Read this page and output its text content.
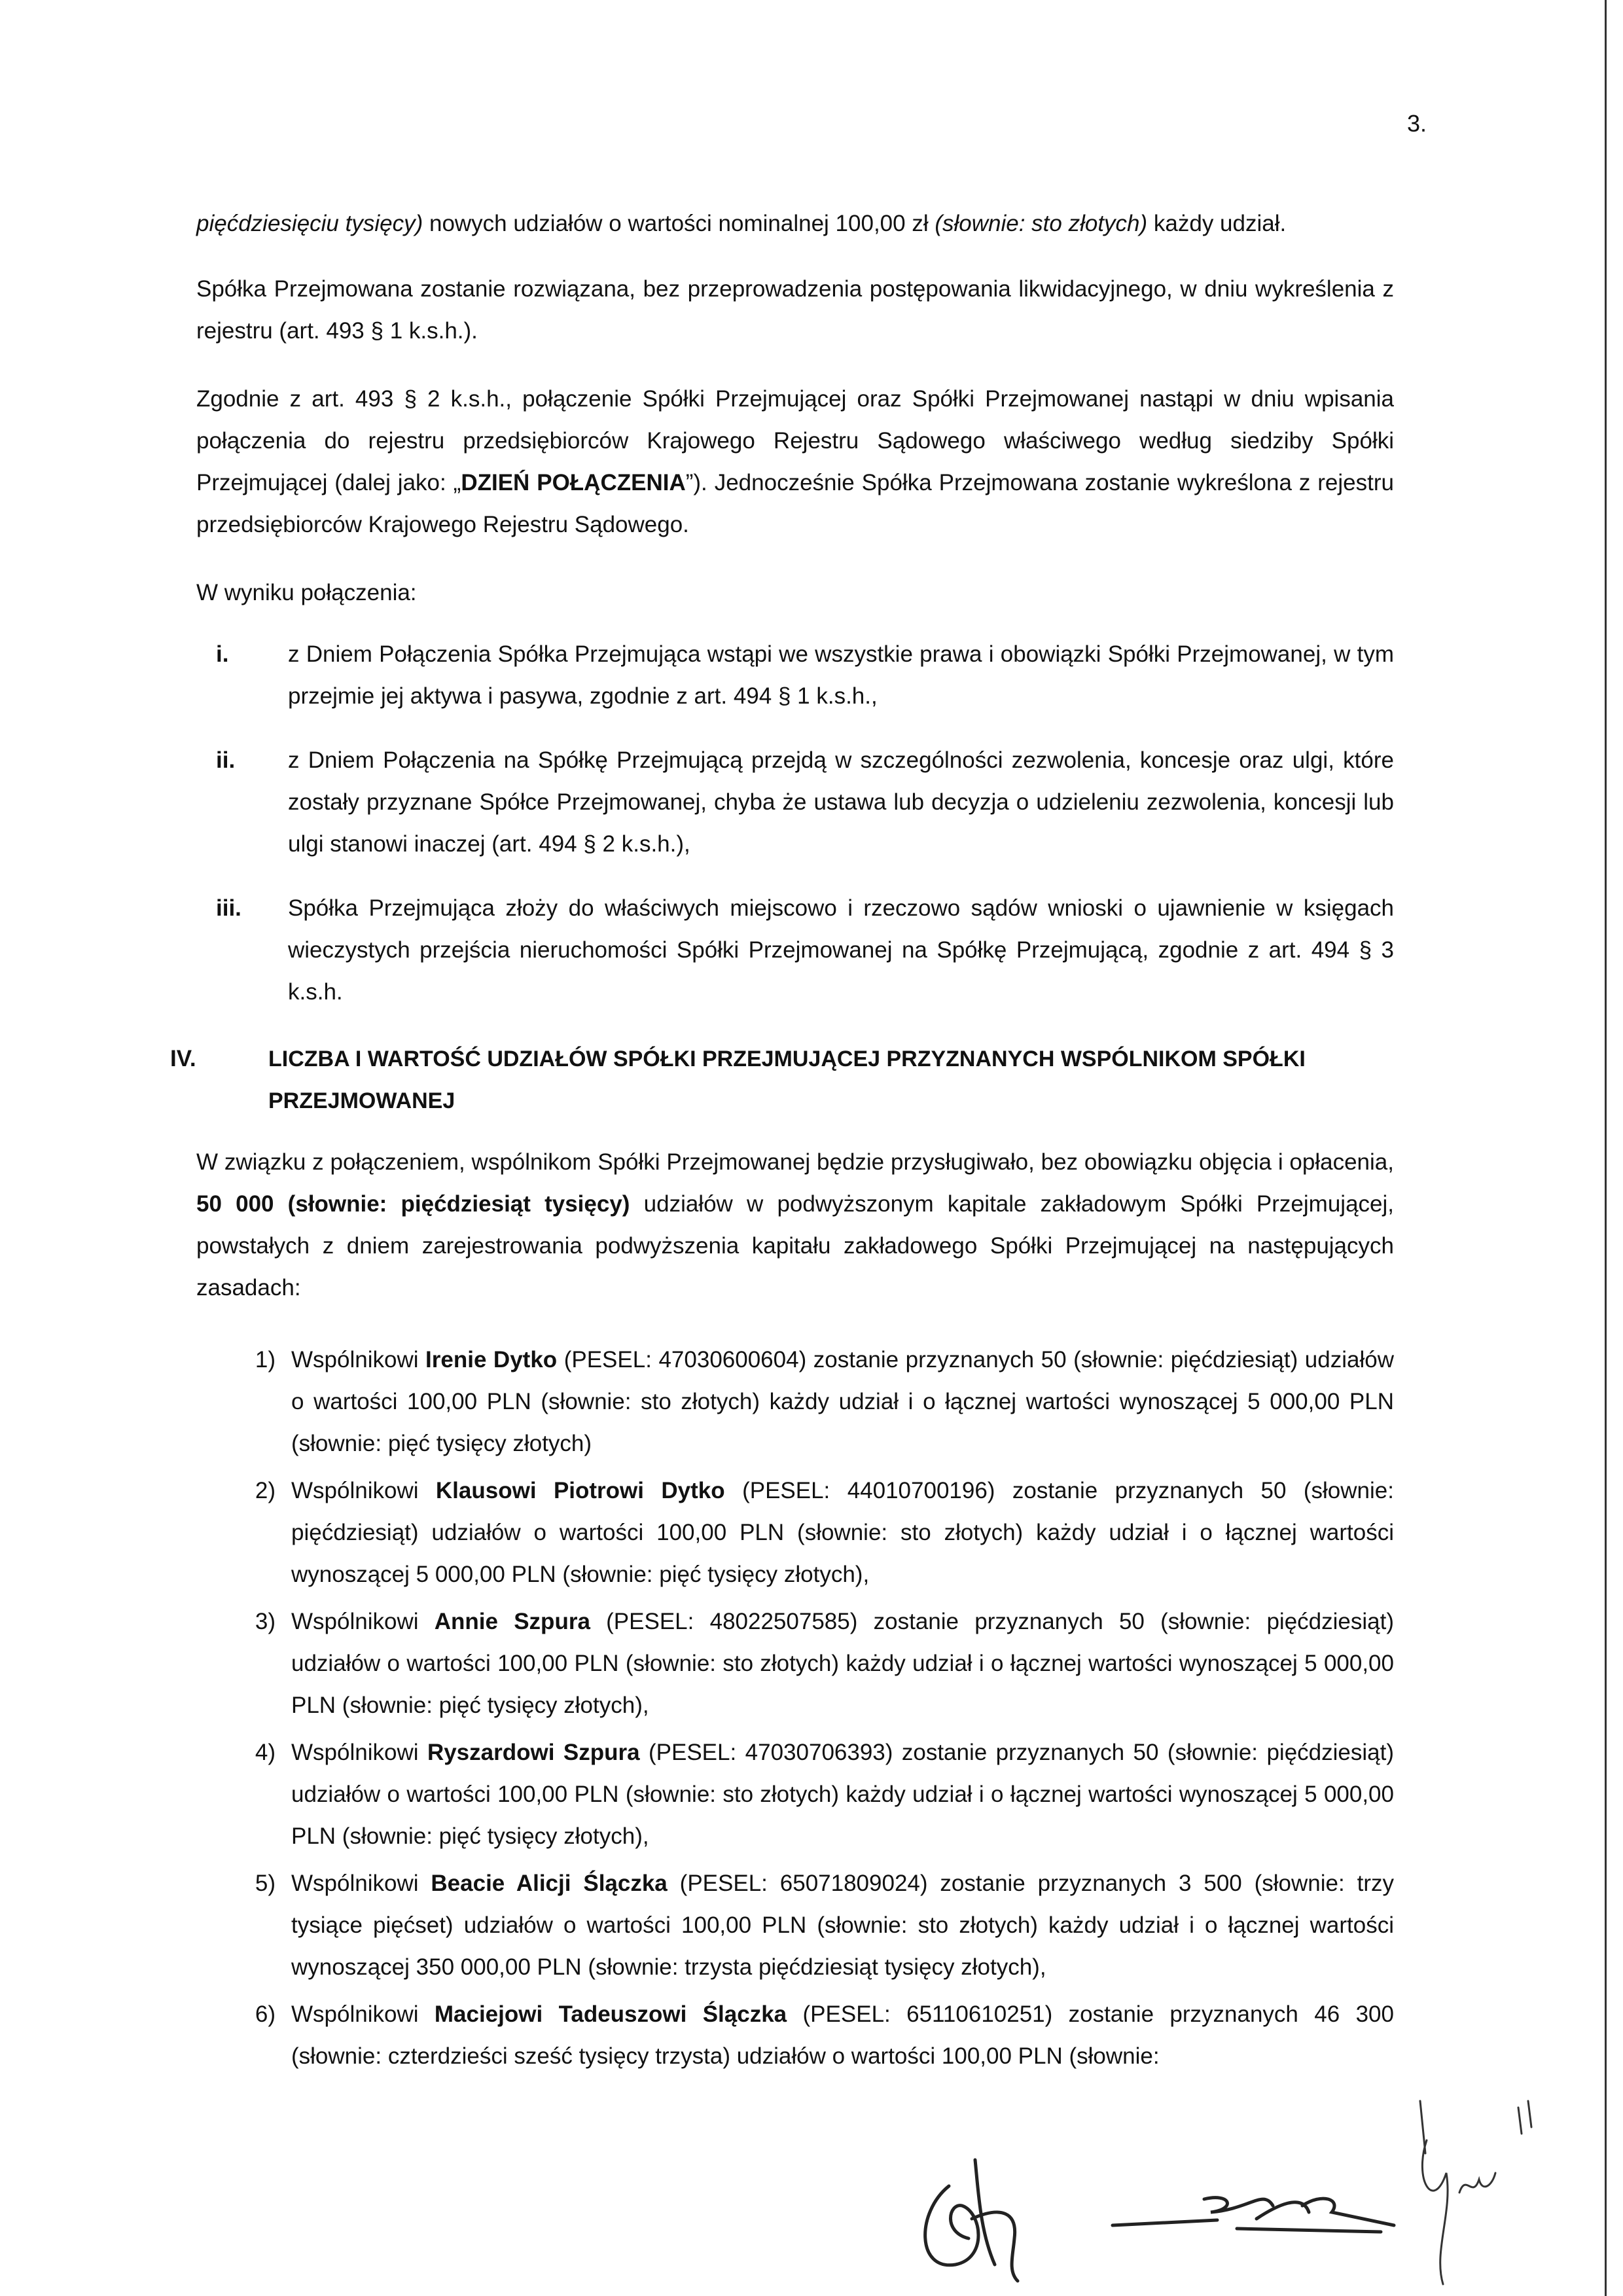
3.

pięćdziesięciu tysięcy) nowych udziałów o wartości nominalnej 100,00 zł (słownie: sto złotych) każdy udział.

Spółka Przejmowana zostanie rozwiązana, bez przeprowadzenia postępowania likwidacyjnego, w dniu wykreślenia z rejestru (art. 493 § 1 k.s.h.).

Zgodnie z art. 493 § 2 k.s.h., połączenie Spółki Przejmującej oraz Spółki Przejmowanej nastąpi w dniu wpisania połączenia do rejestru przedsiębiorców Krajowego Rejestru Sądowego właściwego według siedziby Spółki Przejmującej (dalej jako: „DZIEŃ POŁĄCZENIA”). Jednocześnie Spółka Przejmowana zostanie wykreślona z rejestru przedsiębiorców Krajowego Rejestru Sądowego.

W wyniku połączenia:

i.	z Dniem Połączenia Spółka Przejmująca wstąpi we wszystkie prawa i obowiązki Spółki Przejmowanej, w tym przejmie jej aktywa i pasywa, zgodnie z art. 494 § 1 k.s.h.,
ii.	z Dniem Połączenia na Spółkę Przejmującą przejdą w szczególności zezwolenia, koncesje oraz ulgi, które zostały przyznane Spółce Przejmowanej, chyba że ustawa lub decyzja o udzieleniu zezwolenia, koncesji lub ulgi stanowi inaczej (art. 494 § 2 k.s.h.),
iii.	Spółka Przejmująca złoży do właściwych miejscowo i rzeczowo sądów wnioski o ujawnienie w księgach wieczystych przejścia nieruchomości Spółki Przejmowanej na Spółkę Przejmującą, zgodnie z art. 494 § 3 k.s.h.
IV.	LICZBA I WARTOŚĆ UDZIAŁÓW SPÓŁKI PRZEJMUJĄCEJ PRZYZNANYCH WSPÓLNIKOM SPÓŁKI PRZEJMOWANEJ

W związku z połączeniem, wspólnikom Spółki Przejmowanej będzie przysługiwało, bez obowiązku objęcia i opłacenia, 50 000 (słownie: pięćdziesiąt tysięcy) udziałów w podwyższonym kapitale zakładowym Spółki Przejmującej, powstałych z dniem zarejestrowania podwyższenia kapitału zakładowego Spółki Przejmującej na następujących zasadach:

1) Wspólnikowi Irenie Dytko (PESEL: 47030600604) zostanie przyznanych 50 (słownie: pięćdziesiąt) udziałów o wartości 100,00 PLN (słownie: sto złotych) każdy udział i o łącznej wartości wynoszącej 5 000,00 PLN (słownie: pięć tysięcy złotych)
2) Wspólnikowi Klausowi Piotrowi Dytko (PESEL: 44010700196) zostanie przyznanych 50 (słownie: pięćdziesiąt) udziałów o wartości 100,00 PLN (słownie: sto złotych) każdy udział i o łącznej wartości wynoszącej 5 000,00 PLN (słownie: pięć tysięcy złotych),
3) Wspólnikowi Annie Szpura (PESEL: 48022507585) zostanie przyznanych 50 (słownie: pięćdziesiąt) udziałów o wartości 100,00 PLN (słownie: sto złotych) każdy udział i o łącznej wartości wynoszącej 5 000,00 PLN (słownie: pięć tysięcy złotych),
4) Wspólnikowi Ryszardowi Szpura (PESEL: 47030706393) zostanie przyznanych 50 (słownie: pięćdziesiąt) udziałów o wartości 100,00 PLN (słownie: sto złotych) każdy udział i o łącznej wartości wynoszącej 5 000,00 PLN (słownie: pięć tysięcy złotych),
5) Wspólnikowi Beacie Alicji Ślączka (PESEL: 65071809024) zostanie przyznanych 3 500 (słownie: trzy tysiące pięćset) udziałów o wartości 100,00 PLN (słownie: sto złotych) każdy udział i o łącznej wartości wynoszącej 350 000,00 PLN (słownie: trzysta pięćdziesiąt tysięcy złotych),
6) Wspólnikowi Maciejowi Tadeuszowi Ślączka (PESEL: 65110610251) zostanie przyznanych 46 300 (słownie: czterdzieści sześć tysięcy trzysta) udziałów o wartości 100,00 PLN (słownie:
